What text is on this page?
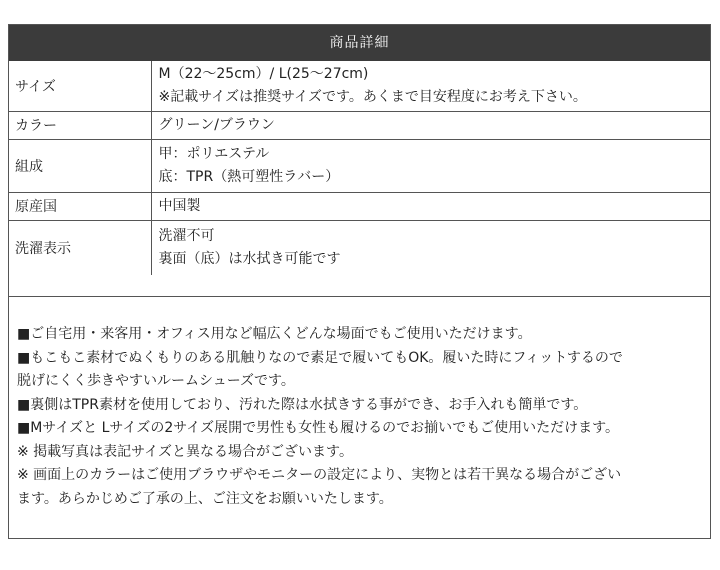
商品詳細
サイズ	M（22～25cm）/ L(25～27cm)
※記載サイズは推奨サイズです。あくまで目安程度にお考え下さい。

カラー	グリーン/ブラウン

組成	甲：ポリエステル
底：TPR（熱可塑性ラバー）

原産国	中国製

洗濯表示	洗濯不可
裏面（底）は水拭き可能です
■ご自宅用・来客用・オフィス用など幅広くどんな場面でもご使用いただけます。
■もこもこ素材でぬくもりのある肌触りなので素足で履いてもOK。履いた時にフィットするので
脱げにくく歩きやすいルームシューズです。
■裏側はTPR素材を使用しており、汚れた際は水拭きする事ができ、お手入れも簡単です。
■Mサイズと Lサイズの2サイズ展開で男性も女性も履けるのでお揃いでもご使用いただけます。
※ 掲載写真は表記サイズと異なる場合がございます。
※ 画面上のカラーはご使用ブラウザやモニターの設定により、実物とは若干異なる場合がござい
ます。あらかじめご了承の上、ご注文をお願いいたします。
